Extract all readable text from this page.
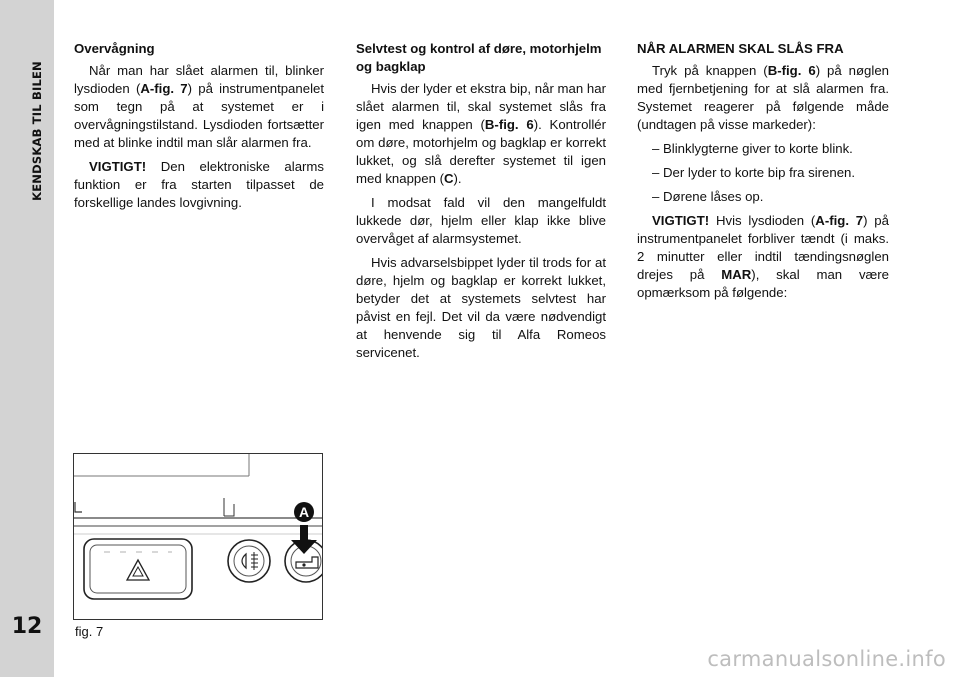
KENDSKAB TIL BILEN
12
Overvågning

Når man har slået alarmen til, blinker lysdioden (A-fig. 7) på instrumentpanelet som tegn på at systemet er i overvågningstilstand. Lysdioden fortsætter med at blinke indtil man slår alarmen fra.

VIGTIGT! Den elektroniske alarms funktion er fra starten tilpasset de forskellige landes lovgivning.

Selvtest og kontrol af døre, motorhjelm og bagklap

Hvis der lyder et ekstra bip, når man har slået alarmen til, skal systemet slås fra igen med knappen (B-fig. 6). Kontrollér om døre, motorhjelm og bagklap er korrekt lukket, og slå derefter systemet til igen med knappen (C).

I modsat fald vil den mangelfuldt lukkede dør, hjelm eller klap ikke blive overvåget af alarmsystemet.

Hvis advarselsbippet lyder til trods for at døre, hjelm og bagklap er korrekt lukket, betyder det at systemets selvtest har påvist en fejl. Det vil da være nødvendigt at henvende sig til Alfa Romeos servicenet.

NÅR ALARMEN SKAL SLÅS FRA

Tryk på knappen (B-fig. 6) på nøglen med fjernbetjening for at slå alarmen fra. Systemet reagerer på følgende måde (undtagen på visse markeder):

– Blinklygterne giver to korte blink.

– Der lyder to korte bip fra sirenen.

– Dørene låses op.

VIGTIGT! Hvis lysdioden (A-fig. 7) på instrumentpanelet forbliver tændt (i maks. 2 minutter eller indtil tændingsnøglen drejes på MAR), skal man være opmærksom på følgende:

A
fig. 7
carmanualsonline.info
